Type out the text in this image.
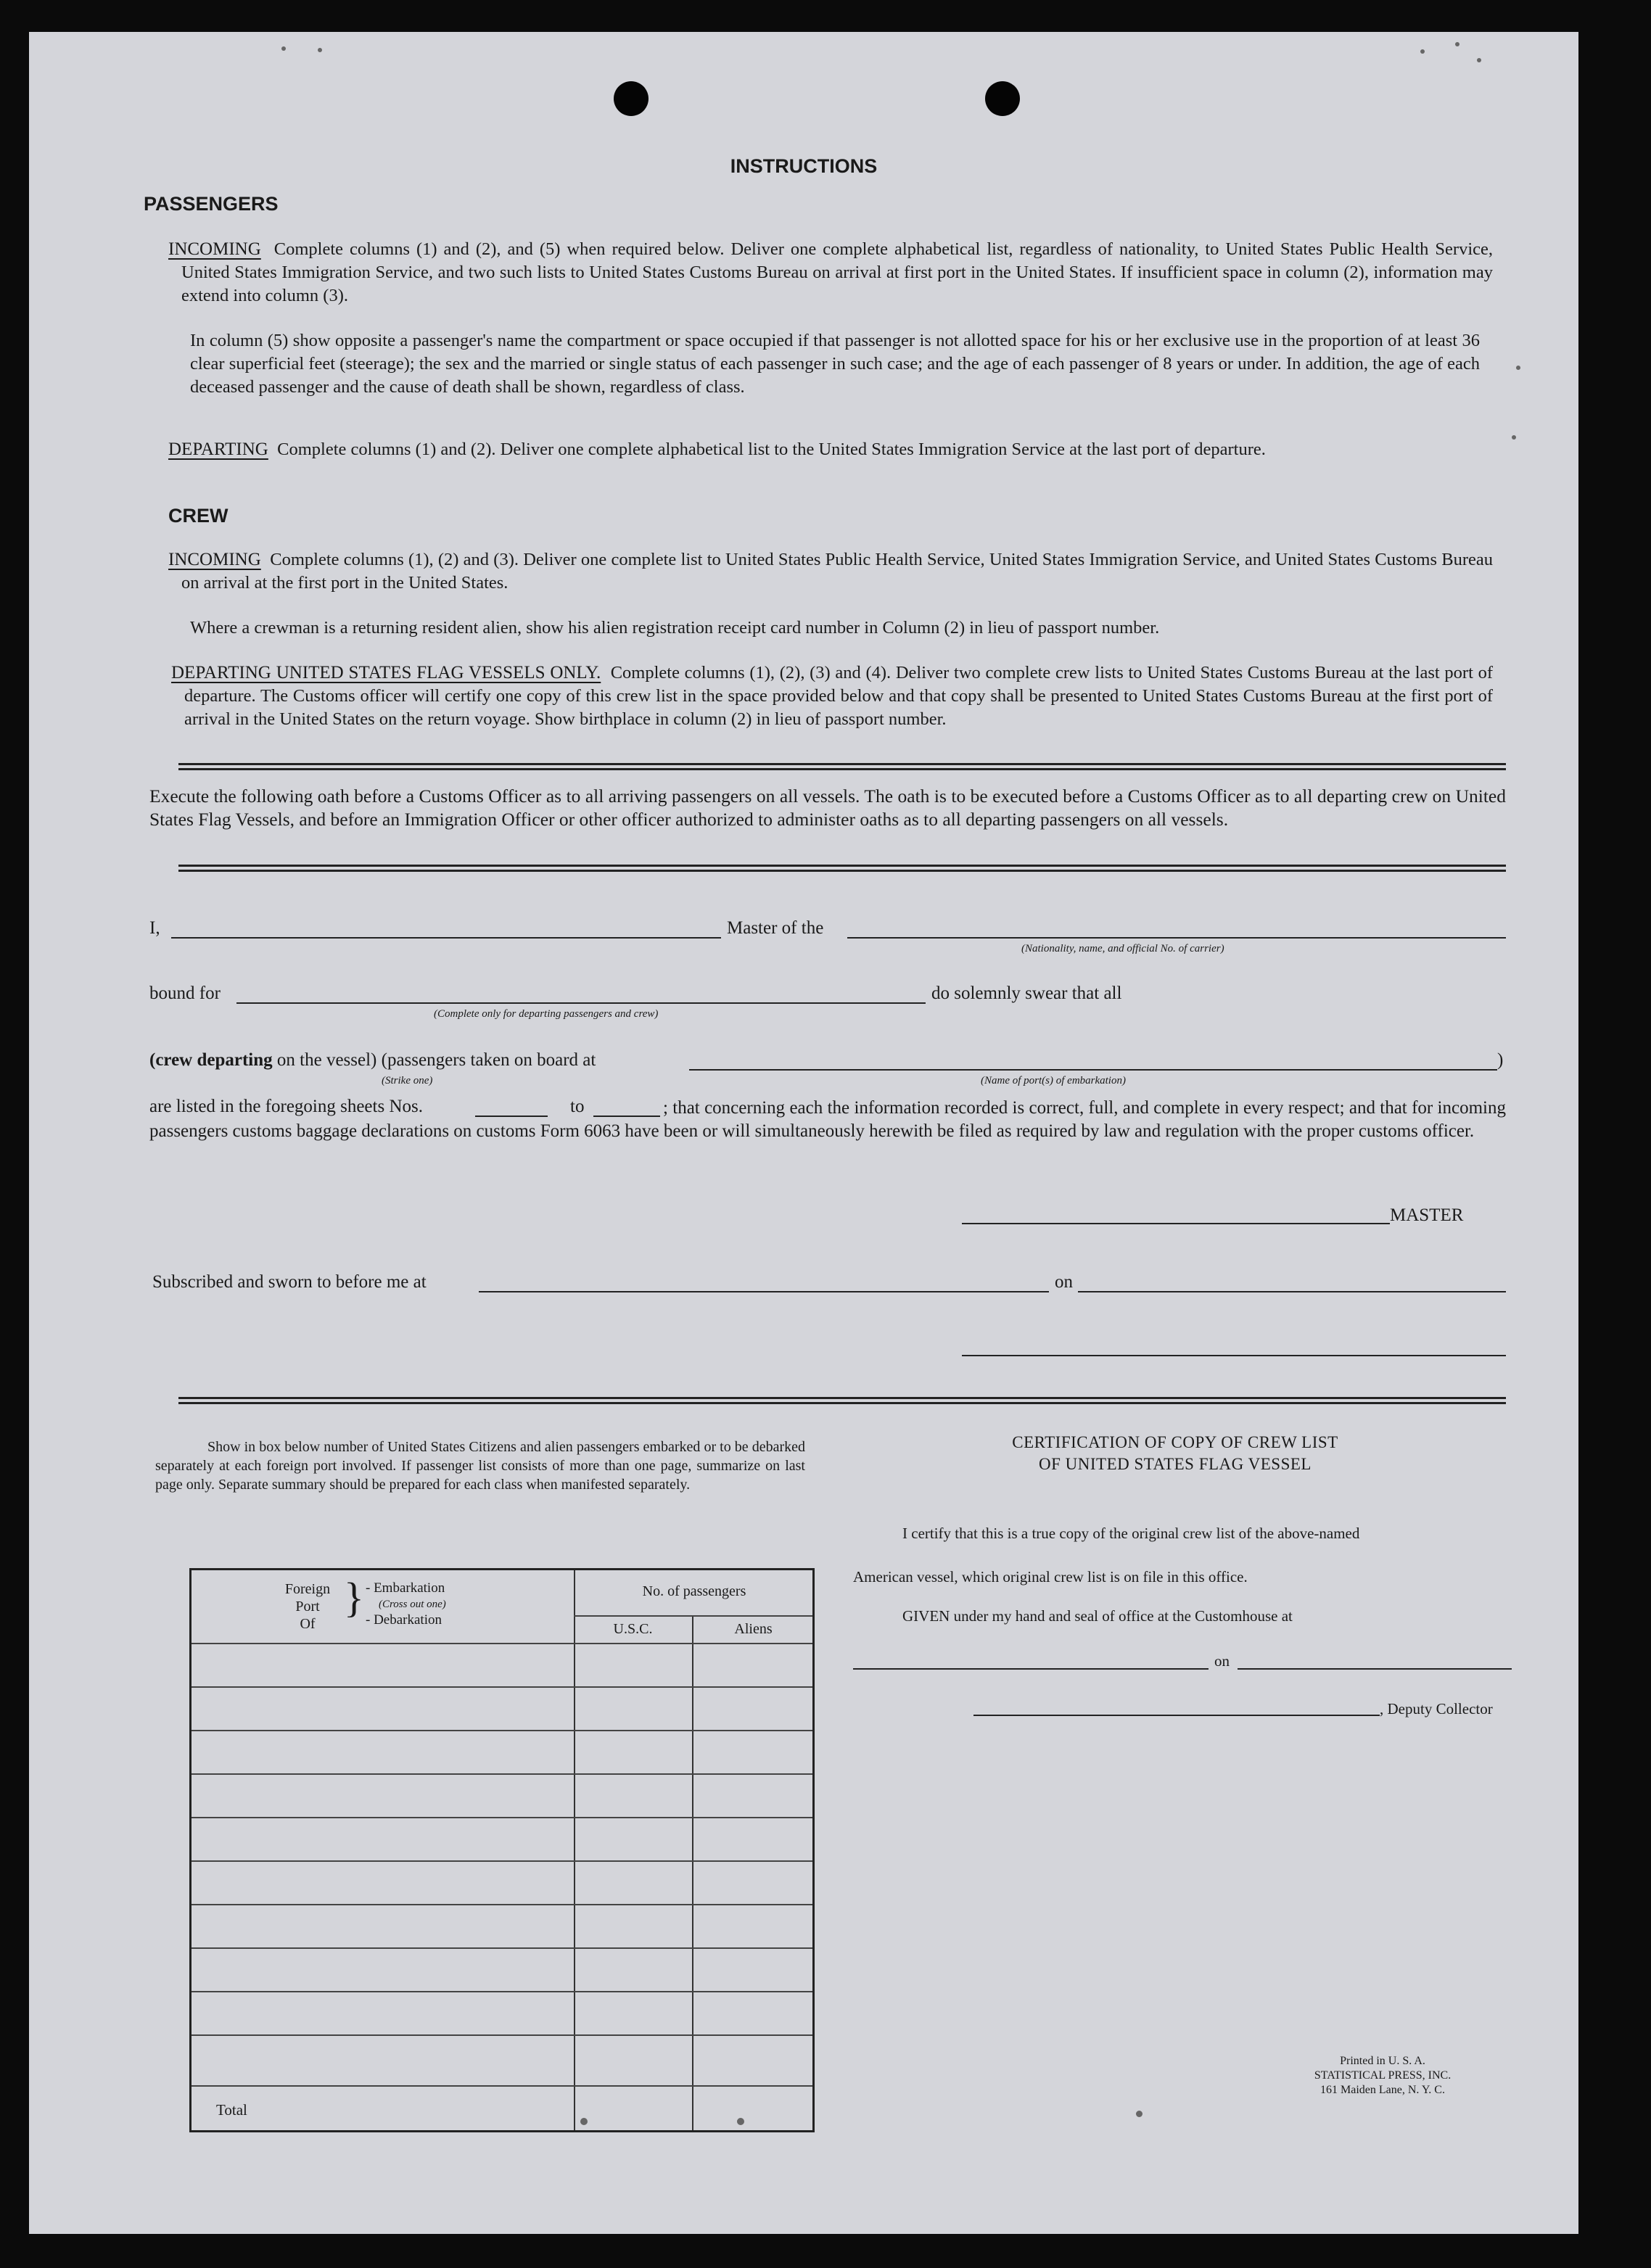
INSTRUCTIONS
PASSENGERS
INCOMING Complete columns (1) and (2), and (5) when required below. Deliver one complete alphabetical list, regardless of nationality, to United States Public Health Service, United States Immigration Service, and two such lists to United States Customs Bureau on arrival at first port in the United States. If insufficient space in column (2), information may extend into column (3).
In column (5) show opposite a passenger's name the compartment or space occupied if that passenger is not allotted space for his or her exclusive use in the proportion of at least 36 clear superficial feet (steerage); the sex and the married or single status of each passenger in such case; and the age of each passenger of 8 years or under. In addition, the age of each deceased passenger and the cause of death shall be shown, regardless of class.
DEPARTING Complete columns (1) and (2). Deliver one complete alphabetical list to the United States Immigration Service at the last port of departure.
CREW
INCOMING Complete columns (1), (2) and (3). Deliver one complete list to United States Public Health Service, United States Immigration Service, and United States Customs Bureau on arrival at the first port in the United States.
Where a crewman is a returning resident alien, show his alien registration receipt card number in Column (2) in lieu of passport number.
DEPARTING UNITED STATES FLAG VESSELS ONLY. Complete columns (1), (2), (3) and (4). Deliver two complete crew lists to United States Customs Bureau at the last port of departure. The Customs officer will certify one copy of this crew list in the space provided below and that copy shall be presented to United States Customs Bureau at the first port of arrival in the United States on the return voyage. Show birthplace in column (2) in lieu of passport number.
Execute the following oath before a Customs Officer as to all arriving passengers on all vessels. The oath is to be executed before a Customs Officer as to all departing crew on United States Flag Vessels, and before an Immigration Officer or other officer authorized to administer oaths as to all departing passengers on all vessels.
I,	Master of the
(Nationality, name, and official No. of carrier)
bound for
(Complete only for departing passengers and crew)
do solemnly swear that all
(crew departing on the vessel) (passengers taken on board at	)
(Strike one)	(Name of port(s) of embarkation)
are listed in the foregoing sheets Nos.	to	; that concerning each the information recorded is correct, full, and complete in every respect; and that for incoming passengers customs baggage declarations on customs Form 6063 have been or will simultaneously herewith be filed as required by law and regulation with the proper customs officer.
MASTER
Subscribed and sworn to before me at	on
Show in box below number of United States Citizens and alien passengers embarked or to be debarked separately at each foreign port involved. If passenger list consists of more than one page, summarize on last page only. Separate summary should be prepared for each class when manifested separately.
Foreign
Port
Of
} - Embarkation
(Cross out one)
- Debarkation
No. of passengers
U.S.C.	Aliens
Total
CERTIFICATION OF COPY OF CREW LIST
OF UNITED STATES FLAG VESSEL
I certify that this is a true copy of the original crew list of the above-named
American vessel, which original crew list is on file in this office.
GIVEN under my hand and seal of office at the Customhouse at
on
, Deputy Collector
Printed in U. S. A.
STATISTICAL PRESS, INC.
161 Maiden Lane, N. Y. C.
